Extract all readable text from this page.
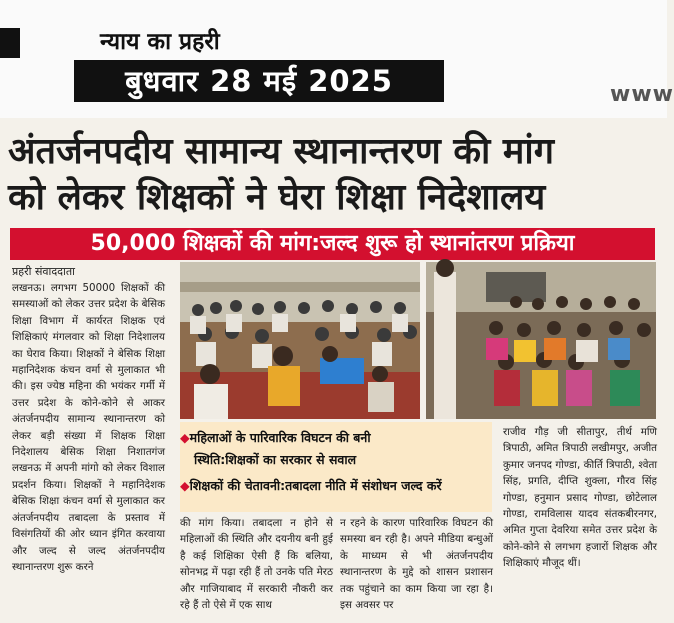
न्याय का प्रहरी
बुधवार 28 मई 2025	www
अंतर्जनपदीय सामान्य स्थानान्तरण की मांग
को लेकर शिक्षकों ने घेरा शिक्षा निदेशालय
50,000 शिक्षकों की मांग:जल्द शुरू हो स्थानांतरण प्रक्रिया
प्रहरी संवाददाता
लखनऊ। लगभग 50000 शिक्षकों की समस्याओं को लेकर उत्तर प्रदेश के बेसिक शिक्षा विभाग में कार्यरत शिक्षक एवं शिक्षिकाएं मंगलवार को शिक्षा निदेशालय का घेराव किया। शिक्षकों ने बेसिक शिक्षा महानिदेशक कंचन वर्मा से मुलाकात भी की। इस ज्येष्ठ महिना की भयंकर गर्मी में उत्तर प्रदेश के कोने-कोने से आकर अंतर्जनपदीय सामान्य स्थानान्तरण को लेकर बड़ी संख्या में शिक्षक शिक्षा निदेशालय बेसिक शिक्षा निशातगंज लखनऊ में अपनी मांगो को लेकर विशाल प्रदर्शन किया। शिक्षकों ने महानिदेशक बेसिक शिक्षा कंचन वर्मा से मुलाकात कर अंतर्जनपदीय तबादला के प्रस्ताव में विसंगतियों की ओर ध्यान इंगित करवाया और जल्द से जल्द अंतर्जनपदीय स्थानान्तरण शुरू करने
◆महिलाओं के पारिवारिक विघटन की बनी
स्थिति:शिक्षकों का सरकार से सवाल
◆शिक्षकों की चेतावनी:तबादला नीति में संशोधन जल्द करें
की मांग किया। तबादला न होने से महिलाओं की स्थिति और दयनीय बनी हुई है कई शिक्षिका ऐसी हैं कि बलिया, सोनभद्र में पढ़ा रही हैं तो उनके पति मेरठ और गाजियाबाद में सरकारी नौकरी कर रहे हैं तो ऐसे में एक साथ
न रहने के कारण पारिवारिक विघटन की समस्या बन रही है। अपने मीडिया बन्धुओं के माध्यम से भी अंतर्जनपदीय स्थानान्तरण के मुद्दे को शासन प्रशासन तक पहुंचाने का काम किया जा रहा है। इस अवसर पर
राजीव गौड़ जी सीतापुर, तीर्थ मणि त्रिपाठी, अमित त्रिपाठी लखीमपुर, अजीत कुमार जनपद गोण्डा, कीर्ति त्रिपाठी, श्वेता सिंह, प्रगति, दीप्ति शुक्ला, गौरव सिंह गोण्डा, हनुमान प्रसाद गोण्डा, छोटेलाल गोण्डा, रामविलास यादव संतकबीरनगर, अमित गुप्ता देवरिया समेत उत्तर प्रदेश के कोने-कोने से लगभग हजारों शिक्षक और शिक्षिकाएं मौजूद थीं।
